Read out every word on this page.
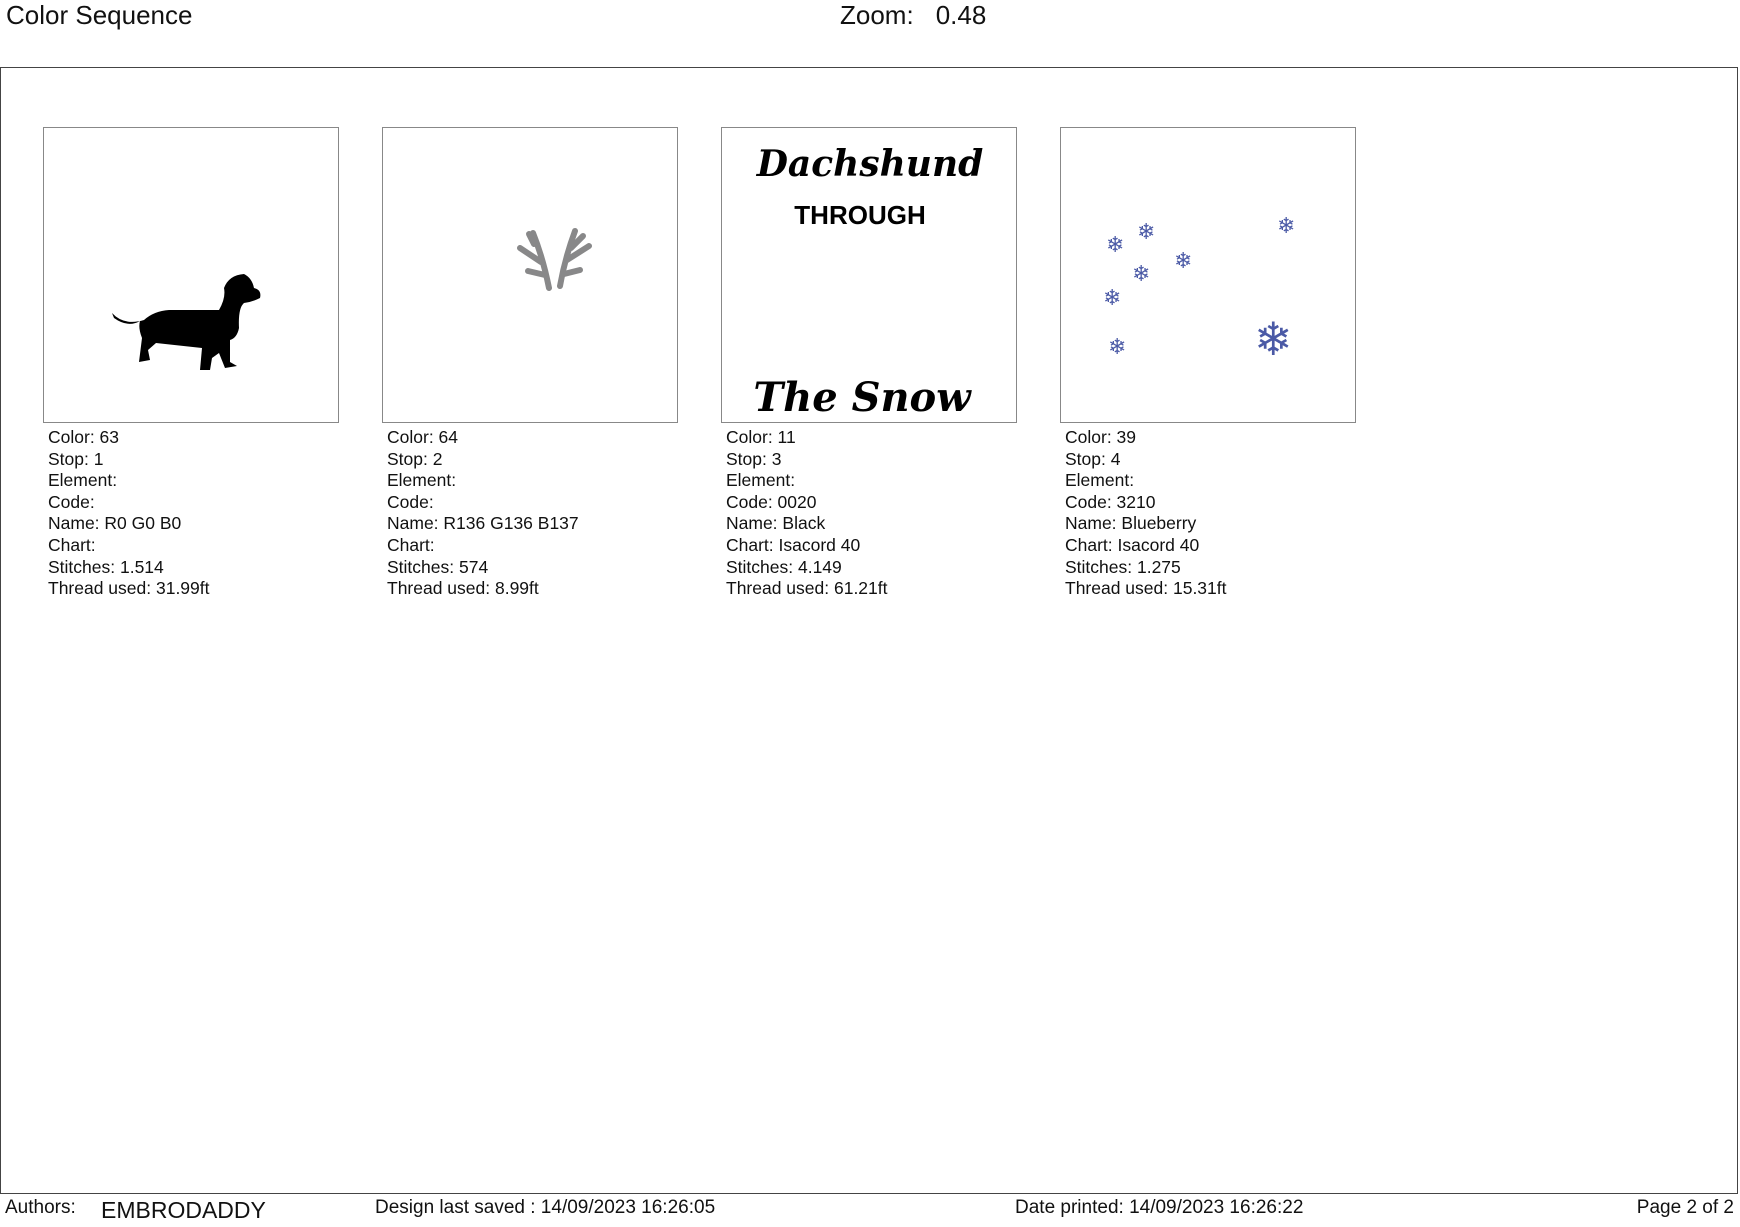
Color Sequence	Zoom: 0.48
Color: 63
Stop: 1
Element:
Code:
Name: R0 G0 B0
Chart:
Stitches: 1.514
Thread used: 31.99ft
Color: 64
Stop: 2
Element:
Code:
Name: R136 G136 B137
Chart:
Stitches: 574
Thread used: 8.99ft
Dachshund
THROUGH
The Snow
Color: 11
Stop: 3
Element:
Code: 0020
Name: Black
Chart: Isacord 40
Stitches: 4.149
Thread used: 61.21ft
❄
❄
❄
❄
❄
❄
❄
❄
Color: 39
Stop: 4
Element:
Code: 3210
Name: Blueberry
Chart: Isacord 40
Stitches: 1.275
Thread used: 15.31ft
Authors: EMBRODADDY	Design last saved : 14/09/2023 16:26:05	Date printed: 14/09/2023 16:26:22	Page 2 of 2
